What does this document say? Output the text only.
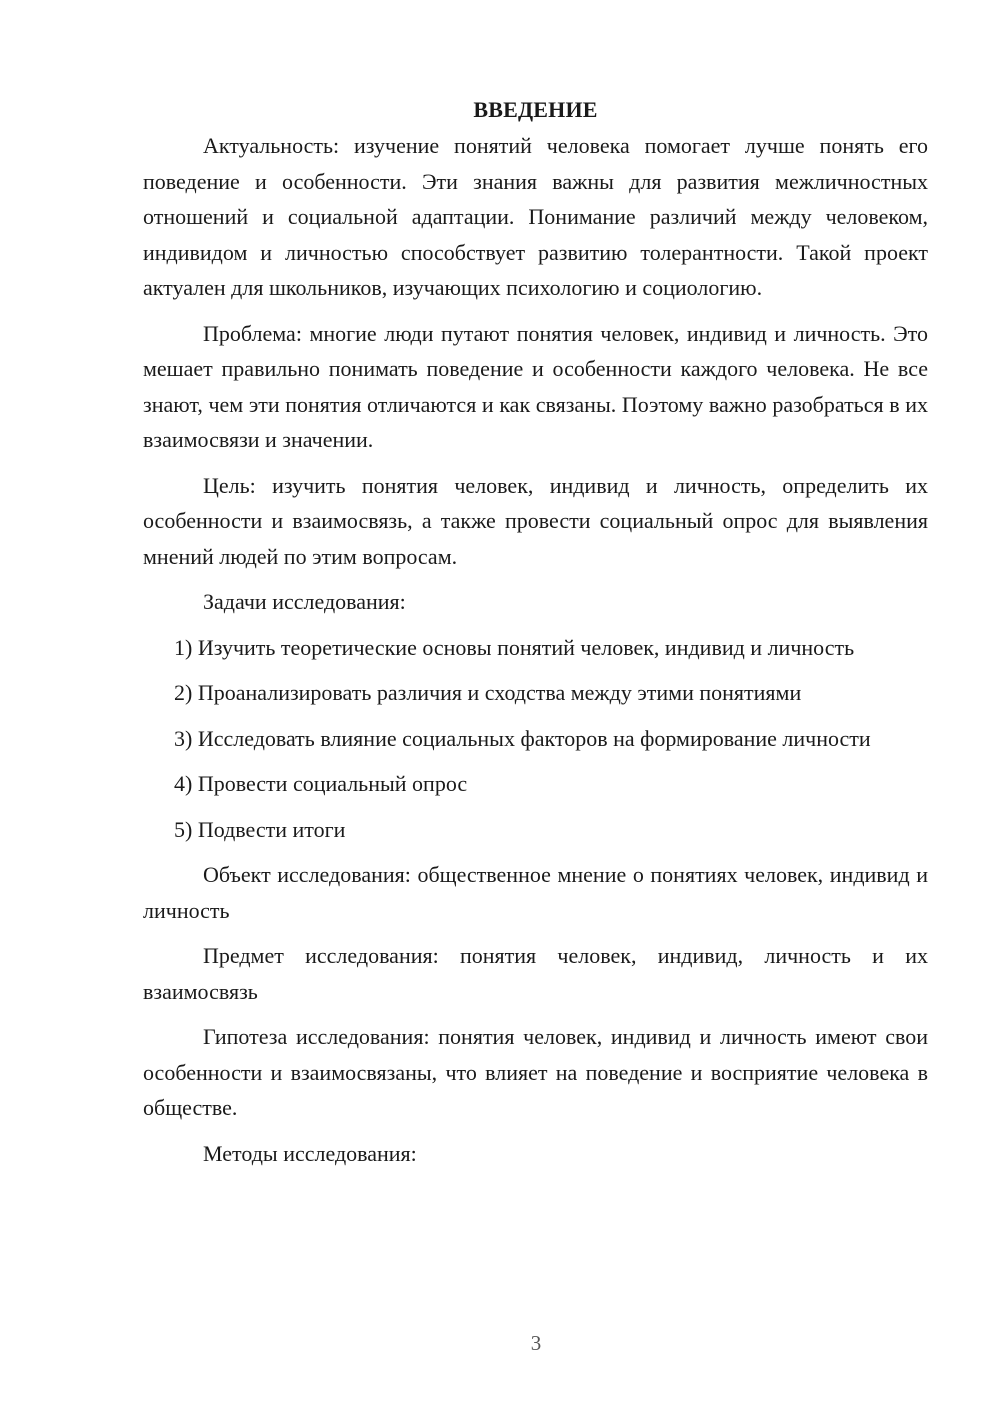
ВВЕДЕНИЕ

Актуальность: изучение понятий человека помогает лучше понять его поведение и особенности. Эти знания важны для развития межличностных отношений и социальной адаптации. Понимание различий между человеком, индивидом и личностью способствует развитию толерантности. Такой проект актуален для школьников, изучающих психологию и социологию.

Проблема: многие люди путают понятия человек, индивид и личность. Это мешает правильно понимать поведение и особенности каждого человека. Не все знают, чем эти понятия отличаются и как связаны. Поэтому важно разобраться в их взаимосвязи и значении.

Цель: изучить понятия человек, индивид и личность, определить их особенности и взаимосвязь, а также провести социальный опрос для выявления мнений людей по этим вопросам.

Задачи исследования:

1) Изучить теоретические основы понятий человек, индивид и личность

2) Проанализировать различия и сходства между этими понятиями

3) Исследовать влияние социальных факторов на формирование личности

4) Провести социальный опрос

5) Подвести итоги

Объект исследования: общественное мнение о понятиях человек, индивид и личность

Предмет исследования: понятия человек, индивид, личность и их взаимосвязь

Гипотеза исследования: понятия человек, индивид и личность имеют свои особенности и взаимосвязаны, что влияет на поведение и восприятие человека в обществе.

Методы исследования:

3
